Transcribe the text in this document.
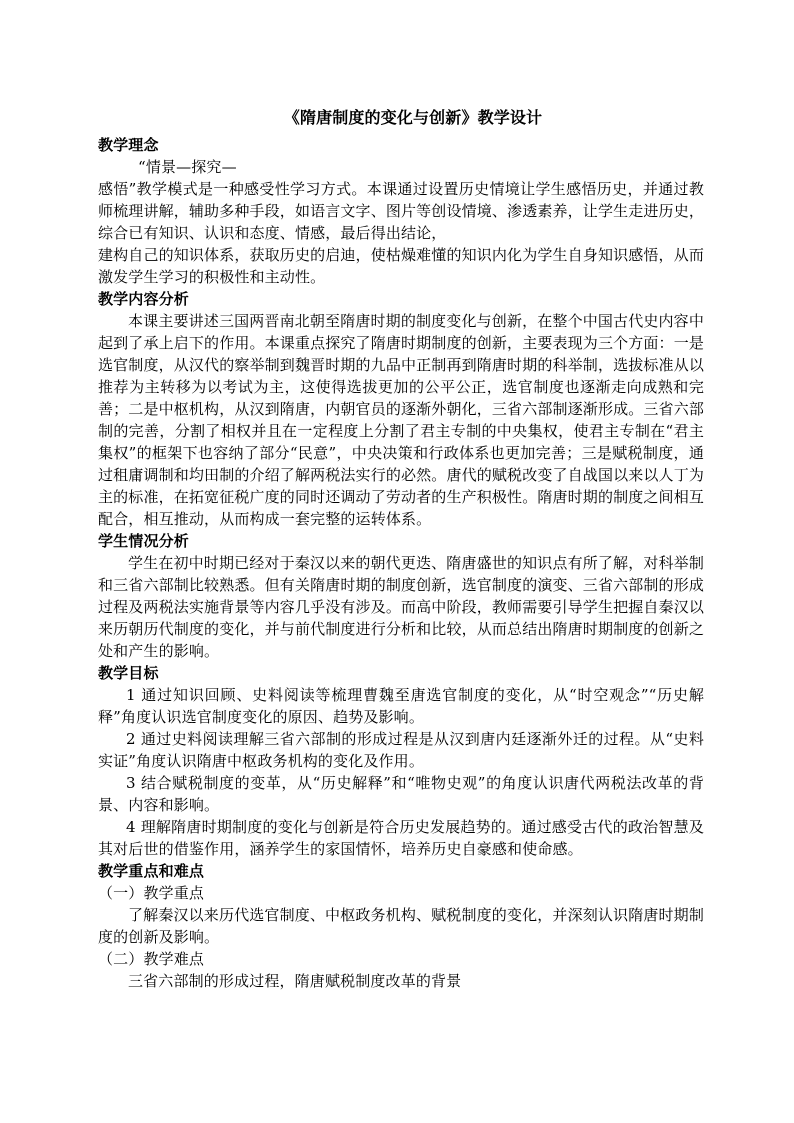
《隋唐制度的变化与创新》教学设计

教学理念

“情景—探究—

感悟”教学模式是一种感受性学习方式。本课通过设置历史情境让学生感悟历史，并通过教师梳理讲解，辅助多种手段，如语言文字、图片等创设情境、渗透素养，让学生走进历史，综合已有知识、认识和态度、情感，最后得出结论，

建构自己的知识体系，获取历史的启迪，使枯燥难懂的知识内化为学生自身知识感悟，从而激发学生学习的积极性和主动性。

教学内容分析

本课主要讲述三国两晋南北朝至隋唐时期的制度变化与创新，在整个中国古代史内容中起到了承上启下的作用。本课重点探究了隋唐时期制度的创新，主要表现为三个方面：一是选官制度，从汉代的察举制到魏晋时期的九品中正制再到隋唐时期的科举制，选拔标准从以推荐为主转移为以考试为主，这使得选拔更加的公平公正，选官制度也逐渐走向成熟和完善；二是中枢机构，从汉到隋唐，内朝官员的逐渐外朝化，三省六部制逐渐形成。三省六部制的完善，分割了相权并且在一定程度上分割了君主专制的中央集权，使君主专制在“君主集权”的框架下也容纳了部分“民意”，中央决策和行政体系也更加完善；三是赋税制度，通过租庸调制和均田制的介绍了解两税法实行的必然。唐代的赋税改变了自战国以来以人丁为主的标准，在拓宽征税广度的同时还调动了劳动者的生产积极性。隋唐时期的制度之间相互配合，相互推动，从而构成一套完整的运转体系。

学生情况分析

学生在初中时期已经对于秦汉以来的朝代更迭、隋唐盛世的知识点有所了解，对科举制和三省六部制比较熟悉。但有关隋唐时期的制度创新，选官制度的演变、三省六部制的形成过程及两税法实施背景等内容几乎没有涉及。而高中阶段，教师需要引导学生把握自秦汉以来历朝历代制度的变化，并与前代制度进行分析和比较，从而总结出隋唐时期制度的创新之处和产生的影响。

教学目标

1 通过知识回顾、史料阅读等梳理曹魏至唐选官制度的变化，从“时空观念”“历史解释”角度认识选官制度变化的原因、趋势及影响。

2 通过史料阅读理解三省六部制的形成过程是从汉到唐内廷逐渐外迁的过程。从“史料实证”角度认识隋唐中枢政务机构的变化及作用。

3 结合赋税制度的变革，从“历史解释”和“唯物史观”的角度认识唐代两税法改革的背景、内容和影响。

4 理解隋唐时期制度的变化与创新是符合历史发展趋势的。通过感受古代的政治智慧及其对后世的借鉴作用，涵养学生的家国情怀，培养历史自豪感和使命感。

教学重点和难点

（一）教学重点

了解秦汉以来历代选官制度、中枢政务机构、赋税制度的变化，并深刻认识隋唐时期制度的创新及影响。

（二）教学难点

三省六部制的形成过程，隋唐赋税制度改革的背景
